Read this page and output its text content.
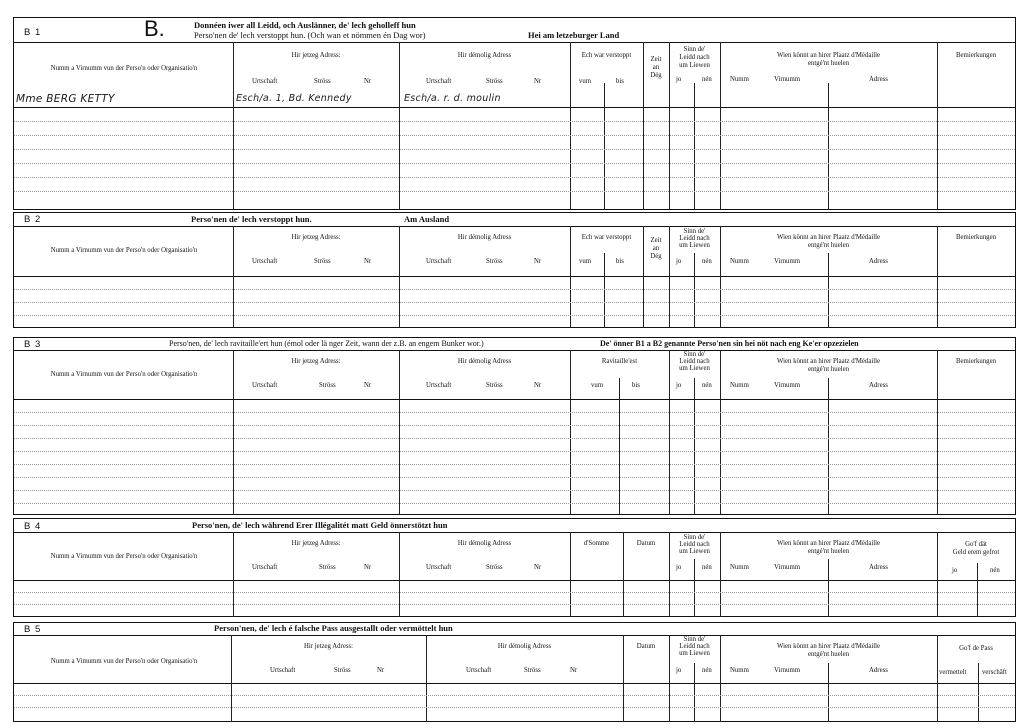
B 1	B.	Donnéen iwer all Leidd, och Auslänner, de' lech geholleff hun
Perso'nen de' lech verstoppt hun. (Och wan et nömmen én Dag wor)	Hei am letzeburger Land
Numm a Virnumm vun der Perso'n oder Organisatio'n
Hir jetzeg Adress:
Urtschaft	Ströss	Nr
Hir démolig Adress
Urtschaft	Ströss	Nr
Ech war verstoppt
vum	bis
Zeit
an
Dég
Sinn de'
Leidd nach
um Liewen
jo	nén
Wien könnt an hirer Plaatz d'Médaille
entgé'nt huelen
Numm	Virnumm	Adress
Bemierkungen
Mme BERG KETTY	Esch/a. 1, Bd. Kennedy	Esch/a. r. d. moulin
B 2	Perso'nen de' lech verstoppt hun.	Am Ausland
Numm a Virnumm vun der Perso'n oder Organisatio'n
Hir jetzeg Adress:
Urtschaft	Ströss	Nr
Hir démolig Adress
Urtschaft	Ströss	Nr
Ech war verstoppt
vum	bis
Zeit
an
Dég
Sinn de'
Leidd nach
um Liewen
jo	nén
Wien könnt an hirer Plaatz d'Médaille
entgé'nt huelen
Numm	Virnumm	Adress
Bemierkungen
B 3	Perso'nen, de' lech ravitaille'ert hun (émol oder lä nger Zeit, wann der z.B. an engem Bunker wor.)	De' önner B1 a B2 genannte Perso'nen sin hei nöt nach eng Ke'er opzezielen
Numm a Virnumm vun der Perso'n oder Organisatio'n
Hir jetzeg Adress:
Urtschaft	Ströss	Nr
Hir démolig Adress
Urtschaft	Ströss	Nr
Ravitaille'est
vum	bis
Sinn de'
Leidd nach
um Liewen
jo	nén
Wien könnt an hirer Plaatz d'Médaille
entgé'nt huelen
Numm	Virnumm	Adress
Bemierkungen
B 4	Perso'nen, de' lech während Erer Illégalitét matt Geld önnerstötzt hun
Numm a Virnumm vun der Perso'n oder Organisatio'n
Hir jetzeg Adress:
Urtschaft	Ströss	Nr
Hir démolig Adress
Urtschaft	Ströss	Nr
d'Somme	Datum
Sinn de'
Leidd nach
um Liewen
jo	nén
Wien könnt an hirer Plaatz d'Médaille
entgé'nt huelen
Numm	Virnumm	Adress
Go'f dät
Geld erem gefrot
jo	nén
B 5	Person'nen, de' lech é falsche Pass ausgestallt oder vermöttelt hun
Numm a Vimumm vun der Perso'n oder Organisatio'n
Hir jetzeg Adress:
Urtschaft	Ströss	Nr
Hir démolig Adress
Urtschaft	Ströss	Nr
Datum
Sinn de'
Leidd nach
um Liewen
jo	nén
Wien könnt an hirer Plaatz d'Médaille
entgé'nt huelen
Numm	Virnumm	Adress
Go'f de Pass
vermettelt verschâft
